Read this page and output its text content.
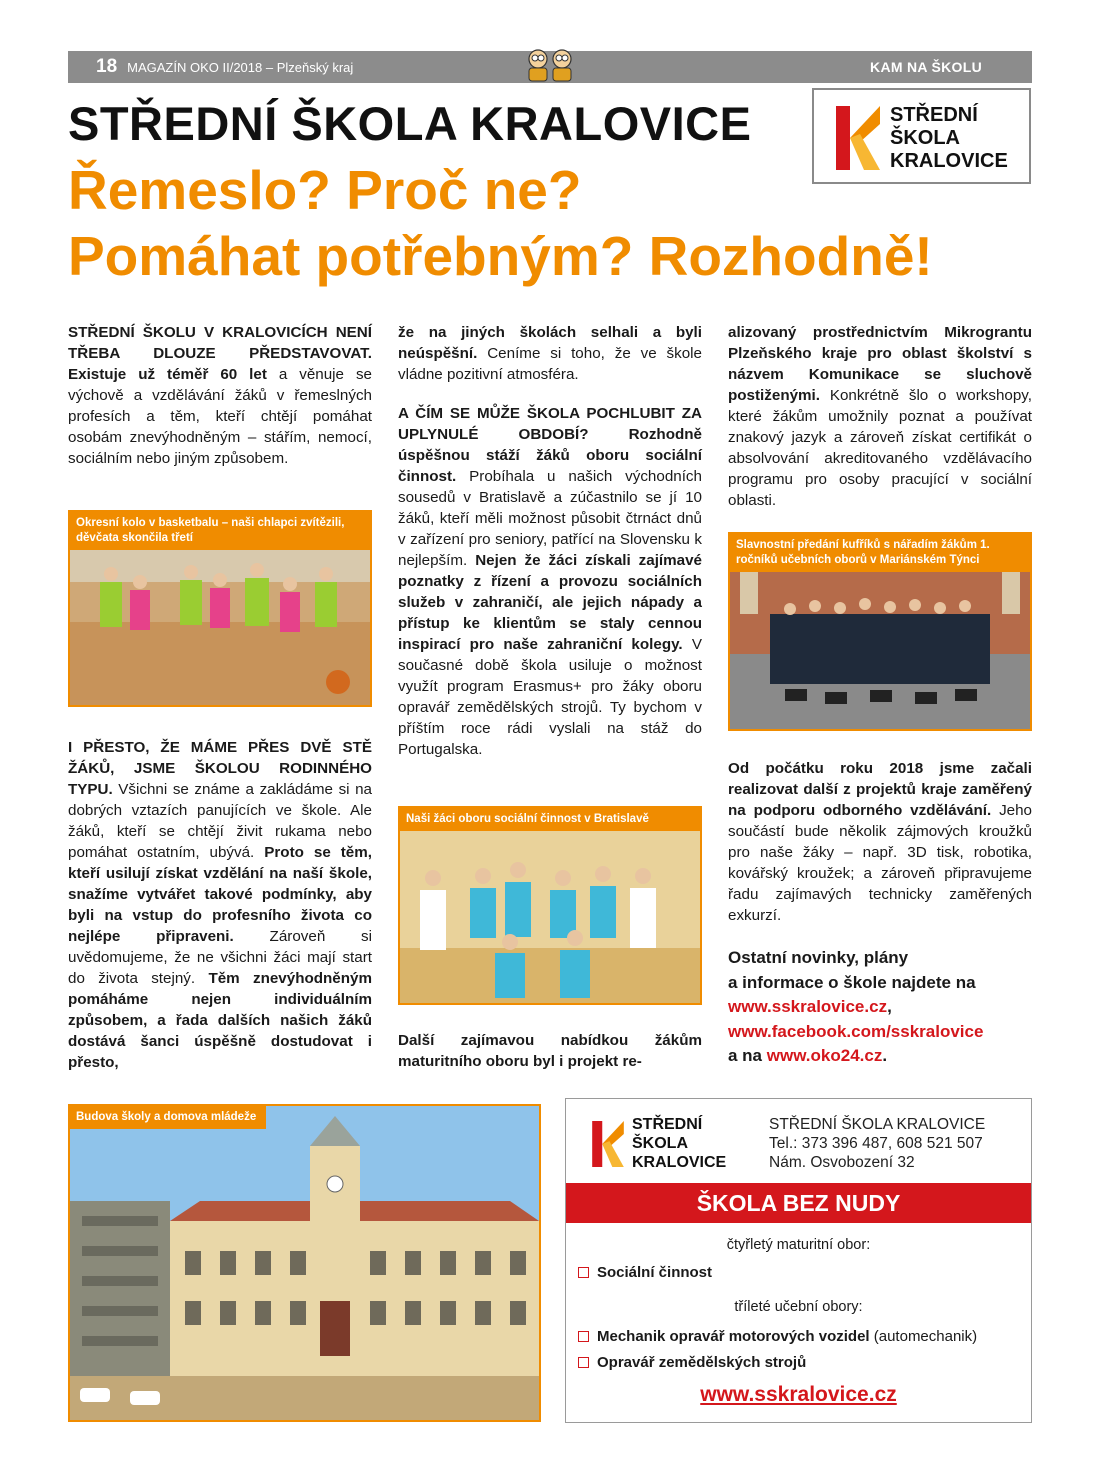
18 MAGAZÍN OKO II/2018 – Plzeňský kraj	KAM NA ŠKOLU
STŘEDNÍ ŠKOLA KRALOVICE	STŘEDNÍ
ŠKOLA
KRALOVICE
Řemeslo? Proč ne?
Pomáhat potřebným? Rozhodně!
STŘEDNÍ ŠKOLU V KRALOVICÍCH NENÍ TŘEBA DLOUZE PŘEDSTAVOVAT. Existuje už téměř 60 let a věnuje se výchově a vzdělávání žáků v řemeslných profesích a těm, kteří chtějí pomáhat osobám znevýhodněným – stářím, nemocí, sociálním nebo jiným způsobem.
Okresní kolo v basketbalu – naši chlapci zvítězili, děvčata skončila třetí
I PŘESTO, ŽE MÁME PŘES DVĚ STĚ ŽÁKŮ, JSME ŠKOLOU RODINNÉHO TYPU. Všichni se známe a zakládáme si na dobrých vztazích panujících ve škole. Ale žáků, kteří se chtějí živit rukama nebo pomáhat ostatním, ubývá. Proto se těm, kteří usilují získat vzdělání na naší škole, snažíme vytvářet takové podmínky, aby byli na vstup do profesního života co nejlépe připraveni. Zároveň si uvědomujeme, že ne všichni žáci mají start do života stejný. Těm znevýhodněným pomáháme nejen individuálním způsobem, a řada dalších našich žáků dostává šanci úspěšně dostudovat i přesto,
že na jiných školách selhali a byli neúspěšní. Ceníme si toho, že ve škole vládne pozitivní atmosféra.
A ČÍM SE MŮŽE ŠKOLA POCHLUBIT ZA UPLYNULÉ OBDOBÍ? Rozhodně úspěšnou stáží žáků oboru sociální činnost. Probíhala u našich východních sousedů v Bratislavě a zúčastnilo se jí 10 žáků, kteří měli možnost působit čtrnáct dnů v zařízení pro seniory, patřící na Slovensku k nejlepším. Nejen že žáci získali zajímavé poznatky z řízení a provozu sociálních služeb v zahraničí, ale jejich nápady a přístup ke klientům se staly cennou inspirací pro naše zahraniční kolegy. V současné době škola usiluje o možnost využít program Erasmus+ pro žáky oboru opravář zemědělských strojů. Ty bychom v příštím roce rádi vyslali na stáž do Portugalska.
Naši žáci oboru sociální činnost v Bratislavě
Další zajímavou nabídkou žákům maturitního oboru byl i projekt re-
alizovaný prostřednictvím Mikrograntu Plzeňského kraje pro oblast školství s názvem Komunikace se sluchově postiženými. Konkrétně šlo o workshopy, které žákům umožnily poznat a používat znakový jazyk a zároveň získat certifikát o absolvování akreditovaného vzdělávacího programu pro osoby pracující v sociální oblasti.
Slavnostní předání kufříků s nářadím žákům 1. ročníků učebních oborů v Mariánském Týnci
Od počátku roku 2018 jsme začali realizovat další z projektů kraje zaměřený na podporu odborného vzdělávání. Jeho součástí bude několik zájmových kroužků pro naše žáky – např. 3D tisk, robotika, kovářský kroužek; a zároveň připravujeme řadu zajímavých technicky zaměřených exkurzí.
Ostatní novinky, plány
a informace o škole najdete na
www.sskralovice.cz,
www.facebook.com/sskralovice
a na www.oko24.cz.
Budova školy a domova mládeže	STŘEDNÍ
ŠKOLA
KRALOVICE
STŘEDNÍ ŠKOLA KRALOVICE
Tel.: 373 396 487, 608 521 507
Nám. Osvobození 32
ŠKOLA BEZ NUDY
čtyřletý maturitní obor:
Sociální činnost
tříleté učební obory:
Mechanik opravář motorových vozidel (automechanik)
Opravář zemědělských strojů
www.sskralovice.cz
